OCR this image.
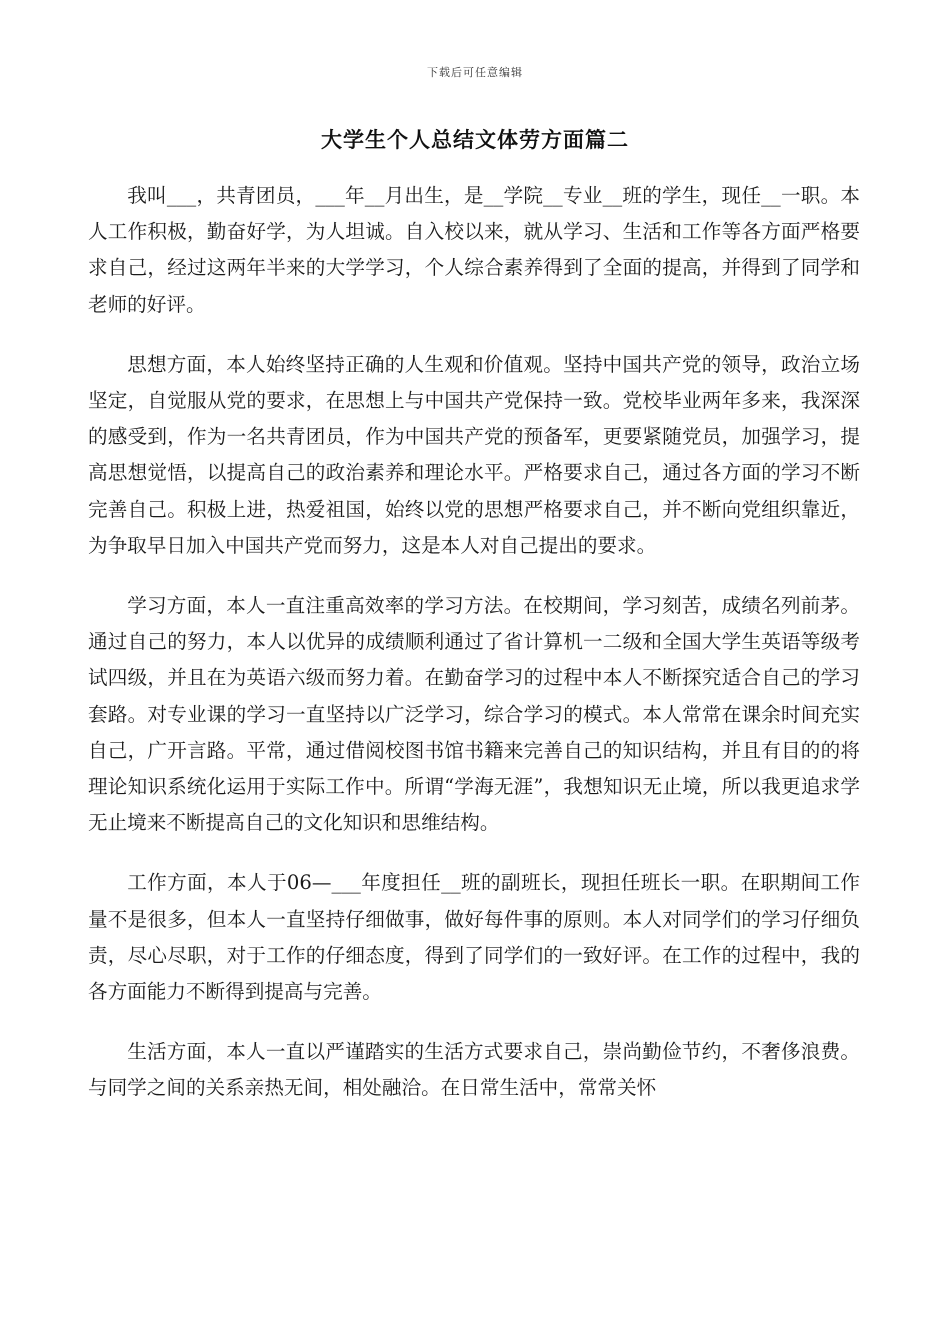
下载后可任意编辑
大学生个人总结文体劳方面篇二

我叫___，共青团员，___年__月出生，是__学院__专业__班的学生，现任__一职。本人工作积极，勤奋好学，为人坦诚。自入校以来，就从学习、生活和工作等各方面严格要求自己，经过这两年半来的大学学习，个人综合素养得到了全面的提高，并得到了同学和老师的好评。

思想方面，本人始终坚持正确的人生观和价值观。坚持中国共产党的领导，政治立场坚定，自觉服从党的要求，在思想上与中国共产党保持一致。党校毕业两年多来，我深深的感受到，作为一名共青团员，作为中国共产党的预备军，更要紧随党员，加强学习，提高思想觉悟，以提高自己的政治素养和理论水平。严格要求自己，通过各方面的学习不断完善自己。积极上进，热爱祖国，始终以党的思想严格要求自己，并不断向党组织靠近，为争取早日加入中国共产党而努力，这是本人对自己提出的要求。

学习方面，本人一直注重高效率的学习方法。在校期间，学习刻苦，成绩名列前茅。通过自己的努力，本人以优异的成绩顺利通过了省计算机一二级和全国大学生英语等级考试四级，并且在为英语六级而努力着。在勤奋学习的过程中本人不断探究适合自己的学习套路。对专业课的学习一直坚持以广泛学习，综合学习的模式。本人常常在课余时间充实自己，广开言路。平常，通过借阅校图书馆书籍来完善自己的知识结构，并且有目的的将理论知识系统化运用于实际工作中。所谓“学海无涯”，我想知识无止境，所以我更追求学无止境来不断提高自己的文化知识和思维结构。

工作方面，本人于06—___年度担任__班的副班长，现担任班长一职。在职期间工作量不是很多，但本人一直坚持仔细做事，做好每件事的原则。本人对同学们的学习仔细负责，尽心尽职，对于工作的仔细态度，得到了同学们的一致好评。在工作的过程中，我的各方面能力不断得到提高与完善。

生活方面，本人一直以严谨踏实的生活方式要求自己，崇尚勤俭节约，不奢侈浪费。与同学之间的关系亲热无间，相处融洽。在日常生活中，常常关怀
